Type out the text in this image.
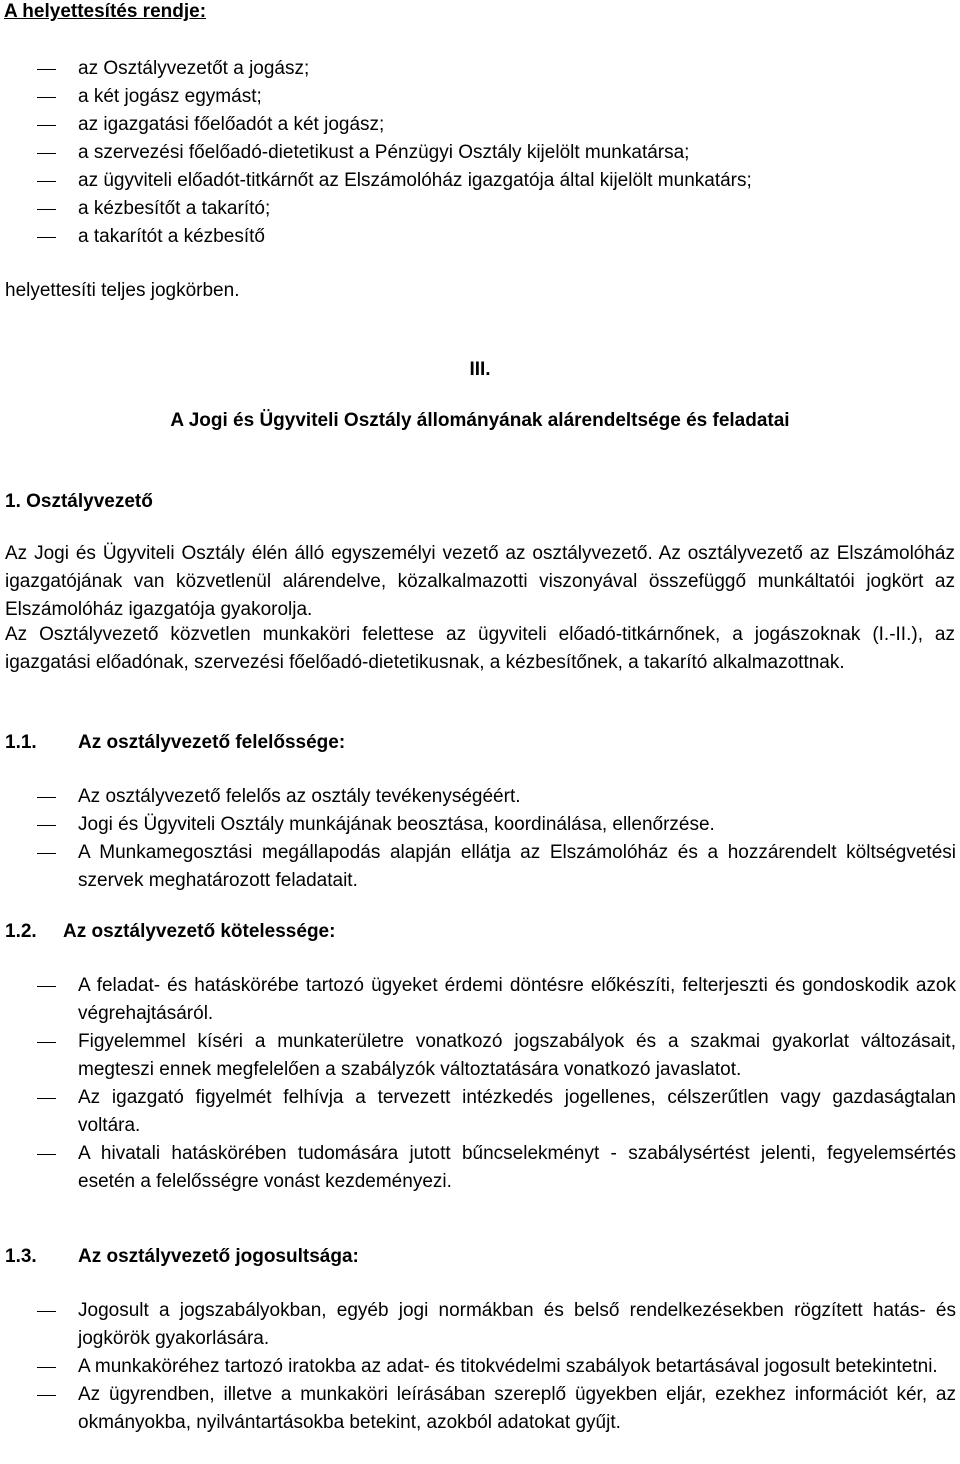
A helyettesítés rendje:
az Osztályvezetőt a jogász;
a két jogász egymást;
az igazgatási főelőadót a két jogász;
a szervezési főelőadó-dietetikust a Pénzügyi Osztály kijelölt munkatársa;
az ügyviteli előadót-titkárnőt az Elszámolóház igazgatója által kijelölt munkatárs;
a kézbesítőt a takarító;
a takarítót a kézbesítő
helyettesíti teljes jogkörben.
III.
A Jogi és Ügyviteli Osztály állományának alárendeltsége és feladatai
1. Osztályvezető
Az Jogi és Ügyviteli Osztály élén álló egyszemélyi vezető az osztályvezető. Az osztályvezető az Elszámolóház igazgatójának van közvetlenül alárendelve, közalkalmazotti viszonyával összefüggő munkáltatói jogkört az Elszámolóház igazgatója gyakorolja.
Az Osztályvezető közvetlen munkaköri felettese az ügyviteli előadó-titkárnőnek, a jogászoknak (I.-II.), az igazgatási előadónak, szervezési főelőadó-dietetikusnak, a kézbesítőnek, a takarító alkalmazottnak.
1.1. Az osztályvezető felelőssége:
Az osztályvezető felelős az osztály tevékenységéért.
Jogi és Ügyviteli Osztály munkájának beosztása, koordinálása, ellenőrzése.
A Munkamegosztási megállapodás alapján ellátja az Elszámolóház és a hozzárendelt költségvetési szervek meghatározott feladatait.
1.2. Az osztályvezető kötelessége:
A feladat- és hatáskörébe tartozó ügyeket érdemi döntésre előkészíti, felterjeszti és gondoskodik azok végrehajtásáról.
Figyelemmel kíséri a munkaterületre vonatkozó jogszabályok és a szakmai gyakorlat változásait, megteszi ennek megfelelően a szabályzók változtatására vonatkozó javaslatot.
Az igazgató figyelmét felhívja a tervezett intézkedés jogellenes, célszerűtlen vagy gazdaságtalan voltára.
A hivatali hatáskörében tudomására jutott bűncselekményt - szabálysértést jelenti, fegyelemsértés esetén a felelősségre vonást kezdeményezi.
1.3. Az osztályvezető jogosultsága:
Jogosult a jogszabályokban, egyéb jogi normákban és belső rendelkezésekben rögzített hatás- és jogkörök gyakorlására.
A munkaköréhez tartozó iratokba az adat- és titokvédelmi szabályok betartásával jogosult betekintetni.
Az ügyrendben, illetve a munkaköri leírásában szereplő ügyekben eljár, ezekhez információt kér, az okmányokba, nyilvántartásokba betekint, azokból adatokat gyűjt.
